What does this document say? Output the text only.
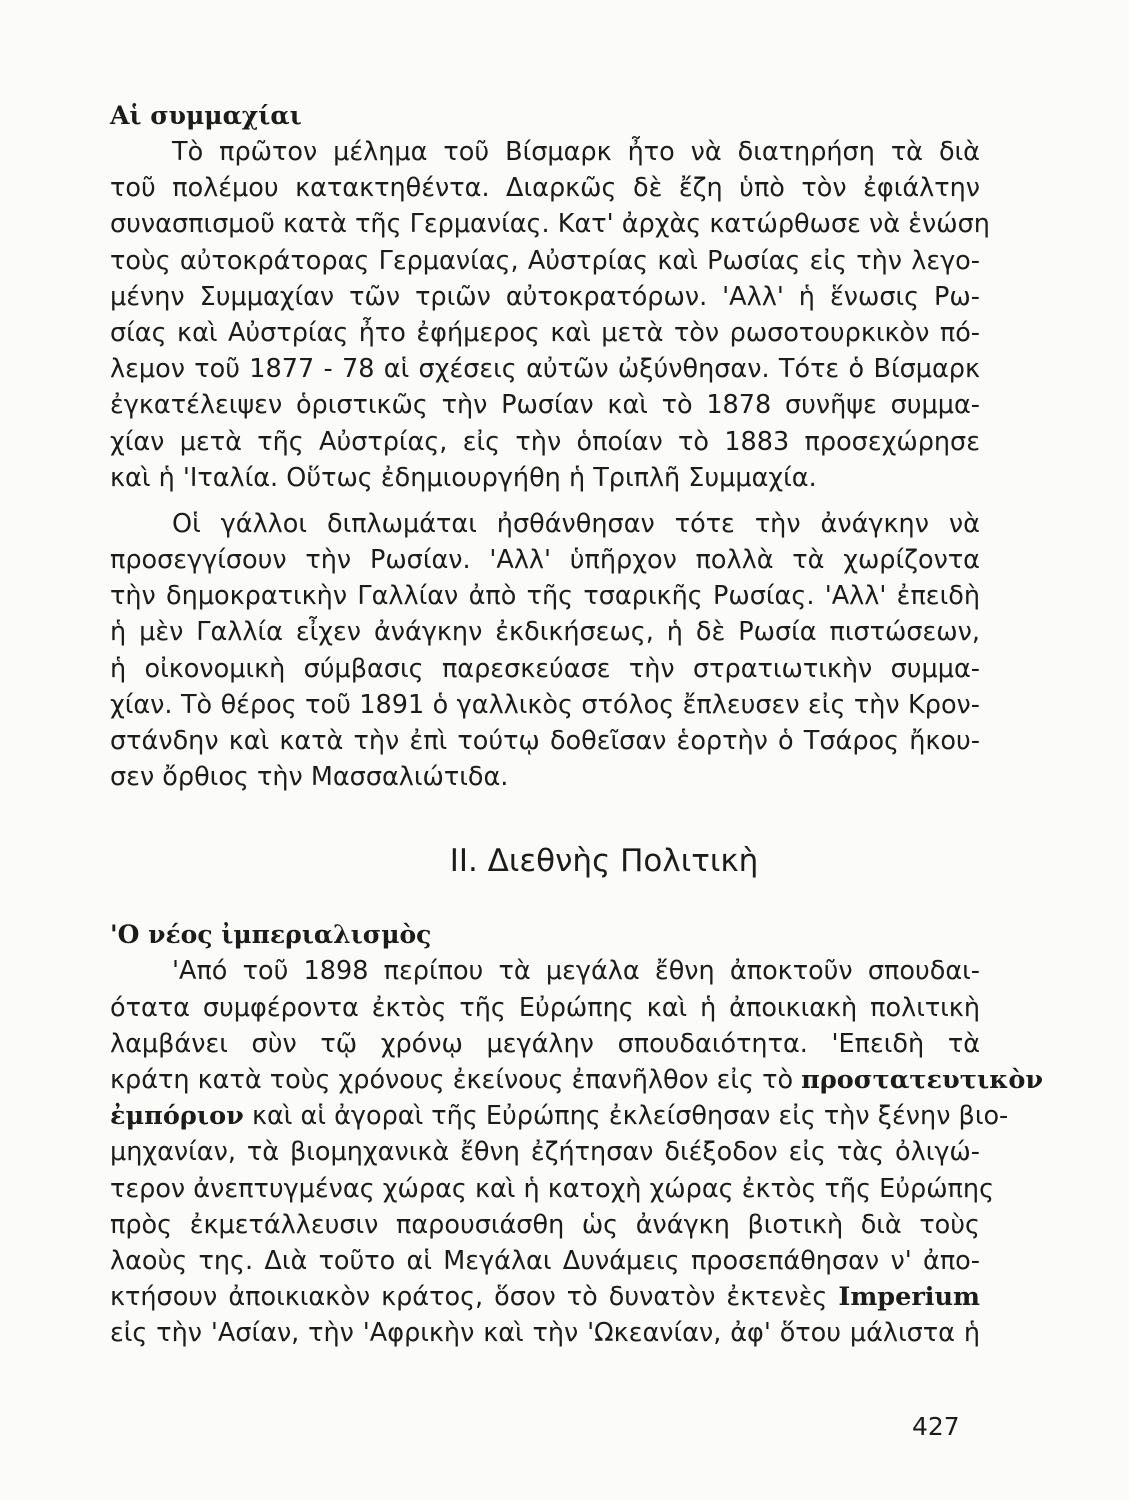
Αἱ συμμαχίαι
Τὸ πρῶτον μέλημα τοῦ Βίσμαρκ ἦτο νὰ διατηρήση τὰ διὰ
τοῦ πολέμου κατακτηθέντα. Διαρκῶς δὲ ἔζη ὑπὸ τὸν ἐφιάλτην
συνασπισμοῦ κατὰ τῆς Γερμανίας. Κατ' ἀρχὰς κατώρθωσε νὰ ἑνώση
τοὺς αὐτοκράτορας Γερμανίας, Αὐστρίας καὶ Ρωσίας εἰς τὴν λεγο-
μένην Συμμαχίαν τῶν τριῶν αὐτοκρατόρων. 'Αλλ' ἡ ἕνωσις Ρω-
σίας καὶ Αὐστρίας ἦτο ἐφήμερος καὶ μετὰ τὸν ρωσοτουρκικὸν πό-
λεμον τοῦ 1877 - 78 αἱ σχέσεις αὐτῶν ὠξύνθησαν. Τότε ὁ Βίσμαρκ
ἐγκατέλειψεν ὁριστικῶς τὴν Ρωσίαν καὶ τὸ 1878 συνῆψε συμμα-
χίαν μετὰ τῆς Αὐστρίας, εἰς τὴν ὁποίαν τὸ 1883 προσεχώρησε
καὶ ἡ 'Ιταλία. Οὕτως ἐδημιουργήθη ἡ Τριπλῆ Συμμαχία.
Οἱ γάλλοι διπλωμάται ἠσθάνθησαν τότε τὴν ἀνάγκην νὰ
προσεγγίσουν τὴν Ρωσίαν. 'Αλλ' ὑπῆρχον πολλὰ τὰ χωρίζοντα
τὴν δημοκρατικὴν Γαλλίαν ἀπὸ τῆς τσαρικῆς Ρωσίας. 'Αλλ' ἐπειδὴ
ἡ μὲν Γαλλία εἶχεν ἀνάγκην ἐκδικήσεως, ἡ δὲ Ρωσία πιστώσεων,
ἡ οἰκονομικὴ σύμβασις παρεσκεύασε τὴν στρατιωτικὴν συμμα-
χίαν. Τὸ θέρος τοῦ 1891 ὁ γαλλικὸς στόλος ἔπλευσεν εἰς τὴν Κρον-
στάνδην καὶ κατὰ τὴν ἐπὶ τούτῳ δοθεῖσαν ἑορτὴν ὁ Τσάρος ἤκου-
σεν ὄρθιος τὴν Μασσαλιώτιδα.
ΙΙ. Διεθνὴς Πολιτικὴ
'Ο νέος ἰμπεριαλισμὸς
'Από τοῦ 1898 περίπου τὰ μεγάλα ἔθνη ἀποκτοῦν σπουδαι-
ότατα συμφέροντα ἐκτὸς τῆς Εὐρώπης καὶ ἡ ἀποικιακὴ πολιτικὴ
λαμβάνει σὺν τῷ χρόνῳ μεγάλην σπουδαιότητα. 'Επειδὴ τὰ
κράτη κατὰ τοὺς χρόνους ἐκείνους ἐπανῆλθον εἰς τὸ προστατευτικὸν
ἐμπόριον καὶ αἱ ἀγοραὶ τῆς Εὐρώπης ἐκλείσθησαν εἰς τὴν ξένην βιο-
μηχανίαν, τὰ βιομηχανικὰ ἔθνη ἐζήτησαν διέξοδον εἰς τὰς ὀλιγώ-
τερον ἀνεπτυγμένας χώρας καὶ ἡ κατοχὴ χώρας ἐκτὸς τῆς Εὐρώπης
πρὸς ἐκμετάλλευσιν παρουσιάσθη ὡς ἀνάγκη βιοτικὴ διὰ τοὺς
λαοὺς της. Διὰ τοῦτο αἱ Μεγάλαι Δυνάμεις προσεπάθησαν ν' ἀπο-
κτήσουν ἀποικιακὸν κράτος, ὅσον τὸ δυνατὸν ἐκτενὲς Imperium
εἰς τὴν 'Ασίαν, τὴν 'Αφρικὴν καὶ τὴν 'Ωκεανίαν, ἀφ' ὅτου μάλιστα ἡ
427
